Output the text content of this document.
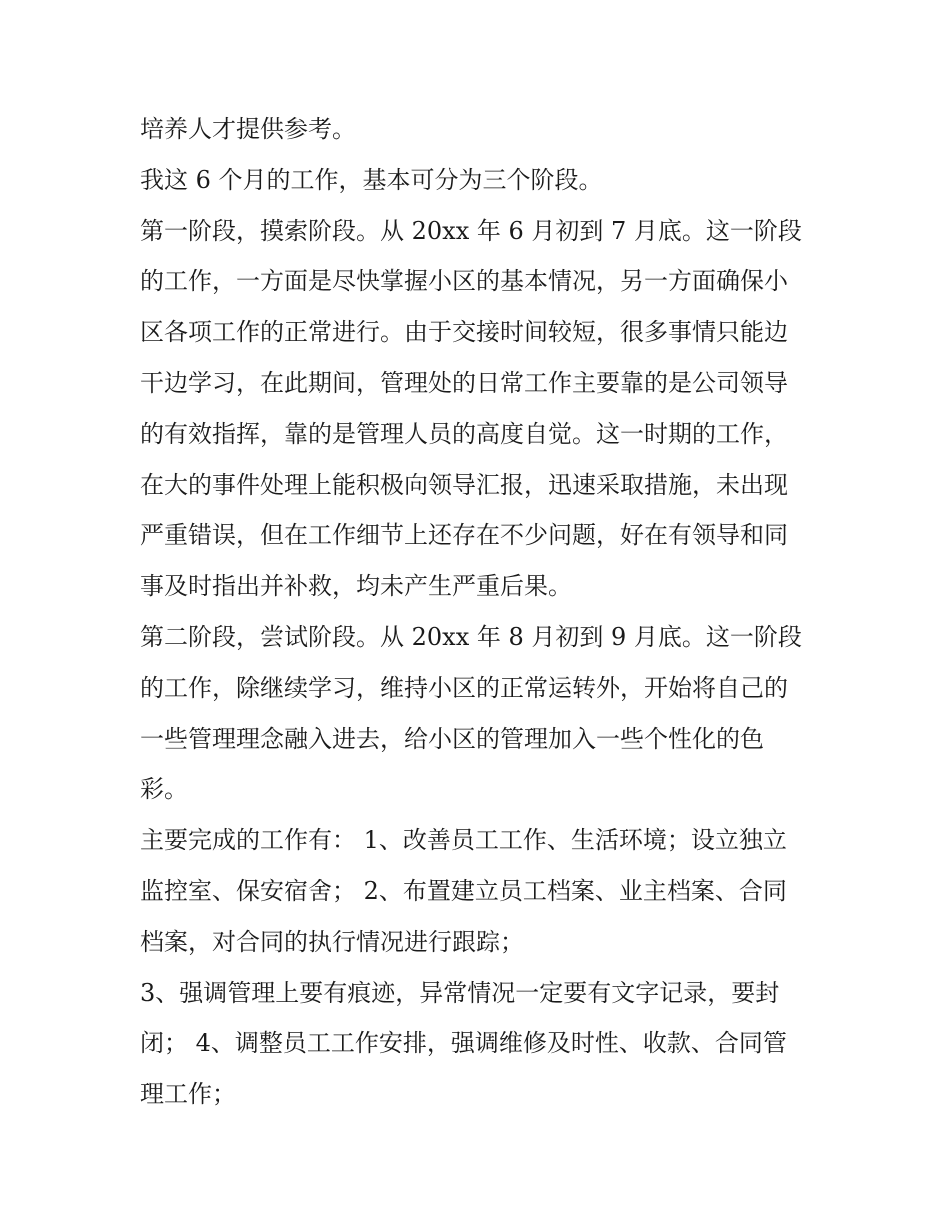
培养人才提供参考。
我这 6 个月的工作，基本可分为三个阶段。
第一阶段，摸索阶段。从 20xx 年 6 月初到 7 月底。这一阶段
的工作，一方面是尽快掌握小区的基本情况，另一方面确保小
区各项工作的正常进行。由于交接时间较短，很多事情只能边
干边学习，在此期间，管理处的日常工作主要靠的是公司领导
的有效指挥，靠的是管理人员的高度自觉。这一时期的工作，
在大的事件处理上能积极向领导汇报，迅速采取措施，未出现
严重错误，但在工作细节上还存在不少问题，好在有领导和同
事及时指出并补救，均未产生严重后果。
第二阶段，尝试阶段。从 20xx 年 8 月初到 9 月底。这一阶段
的工作，除继续学习，维持小区的正常运转外，开始将自己的
一些管理理念融入进去，给小区的管理加入一些个性化的色
彩。
主要完成的工作有： 1、改善员工工作、生活环境；设立独立
监控室、保安宿舍； 2、布置建立员工档案、业主档案、合同
档案，对合同的执行情况进行跟踪；
3、强调管理上要有痕迹，异常情况一定要有文字记录，要封
闭； 4、调整员工工作安排，强调维修及时性、收款、合同管
理工作；
